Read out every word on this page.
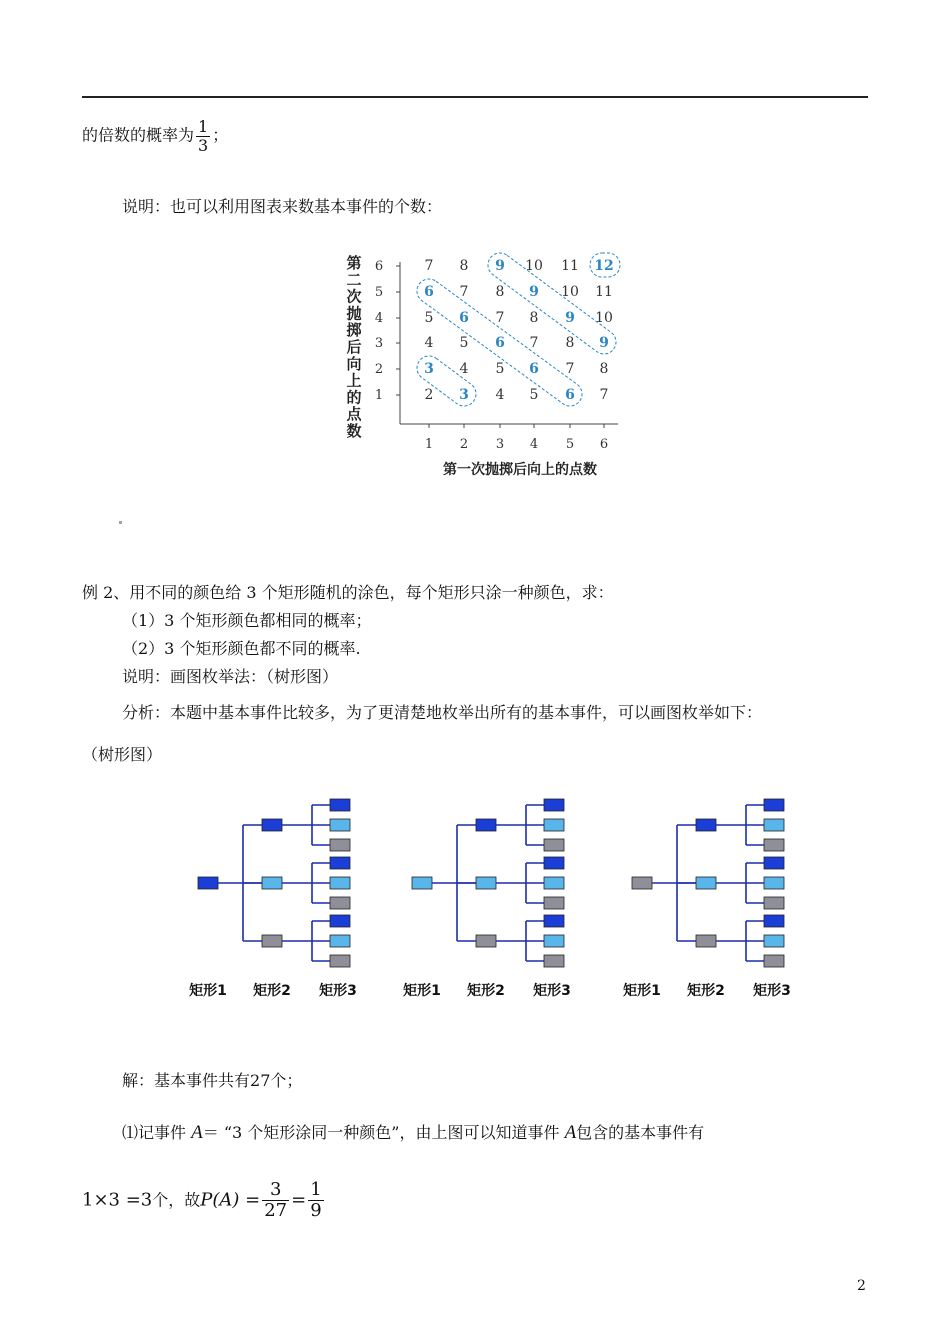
的倍数的概率为 $\frac{1}{3}$ ；
说明：也可以利用图表来数基本事件的个数：
第
二
次
抛
掷
后
向
上
的
点
数
1
2
3
4
5
6
1 2 3 4 5 6
第一次抛掷后向上的点数
7 8 9 10 11 12
6 7 8 9 10 11
5 6 7 8 9 10
4 5 6 7 8 9
3 4 5 6 7 8
2 3 4 5 6 7
例 2、用不同的颜色给 3 个矩形随机的涂色，每个矩形只涂一种颜色，求：
（1）3 个矩形颜色都相同的概率；
（2）3 个矩形颜色都不同的概率.
说明：画图枚举法：（树形图）
分析：本题中基本事件比较多，为了更清楚地枚举出所有的基本事件，可以画图枚举如下：
（树形图）
矩形1 矩形2 矩形3	矩形1 矩形2 矩形3	矩形1 矩形2 矩形3
解：基本事件共有27个；
⑴记事件 A＝ “3 个矩形涂同一种颜色”，由上图可以知道事件 A包含的基本事件有
1×3 =3个，故$P(A) = \frac{3}{27} = \frac{1}{9}$
2
